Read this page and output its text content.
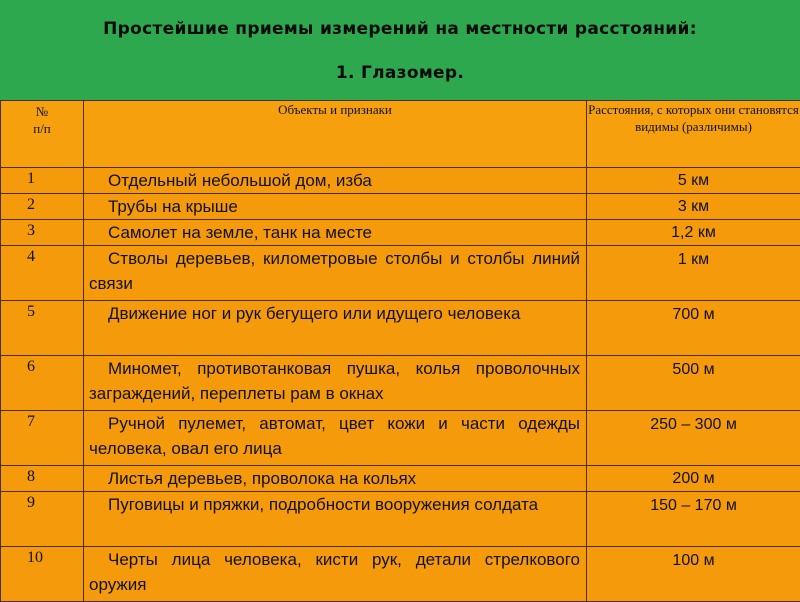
Простейшие приемы измерений на местности расстояний:
1. Глазомер.
№
п/п	Объекты и признаки	Расстояния, с которых они становятся видимы (различимы)
1	Отдельный небольшой дом, изба	5 км
2	Трубы на крыше	3 км
3	Самолет на земле, танк на месте	1,2 км
4	Стволы деревьев, километровые столбы и столбы линий связи	1 км
5	Движение ног и рук бегущего или идущего человека	700 м
6	Миномет, противотанковая пушка, колья проволочных заграждений, переплеты рам в окнах	500 м
7	Ручной пулемет, автомат, цвет кожи и части одежды человека, овал его лица	250 – 300 м
8	Листья деревьев, проволока на кольях	200 м
9	Пуговицы и пряжки, подробности вооружения солдата	150 – 170 м
10	Черты лица человека, кисти рук, детали стрелкового оружия	100 м
